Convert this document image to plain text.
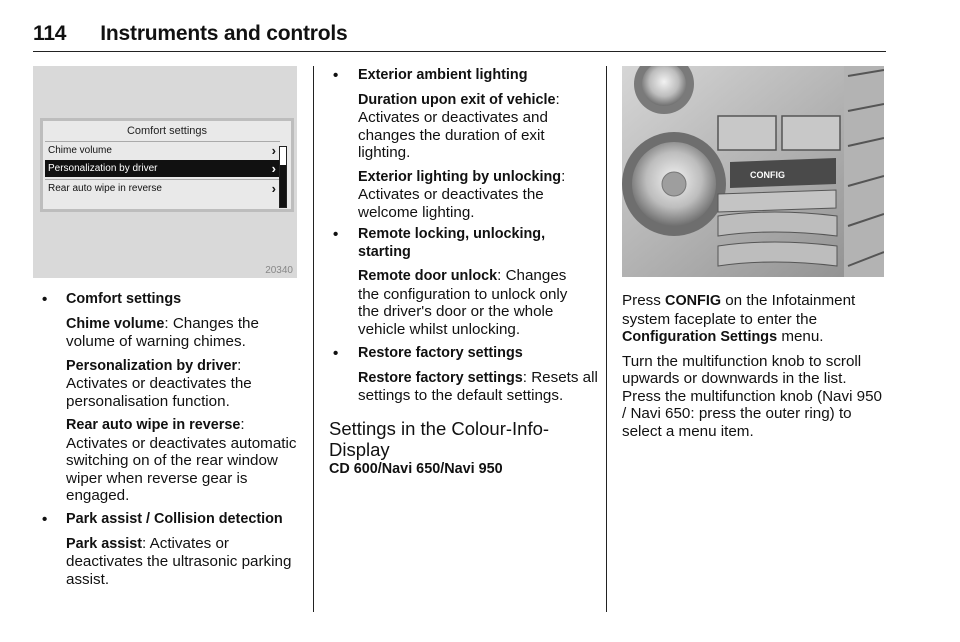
114 Instruments and controls
Comfort settings
Chime volume	›
Personalization by driver	›
Rear auto wipe in reverse	›
20340
• Comfort settings

Chime volume: Changes the volume of warning chimes.

Personalization by driver: Activates or deactivates the personalisation function.

Rear auto wipe in reverse: Activates or deactivates automatic switching on of the rear window wiper when reverse gear is engaged.

• Park assist / Collision detection

Park assist: Activates or deactivates the ultrasonic parking assist.

• Exterior ambient lighting

Duration upon exit of vehicle: Activates or deactivates and changes the duration of exit lighting.

Exterior lighting by unlocking: Activates or deactivates the welcome lighting.

• Remote locking, unlocking, starting

Remote door unlock: Changes the configuration to unlock only the driver's door or the whole vehicle whilst unlocking.

• Restore factory settings

Restore factory settings: Resets all settings to the default settings.

Settings in the Colour-Info-Display
CD 600/Navi 650/Navi 950
CONFIG

Press CONFIG on the Infotainment system faceplate to enter the Configuration Settings menu.

Turn the multifunction knob to scroll upwards or downwards in the list. Press the multifunction knob (Navi 950 / Navi 650: press the outer ring) to select a menu item.
